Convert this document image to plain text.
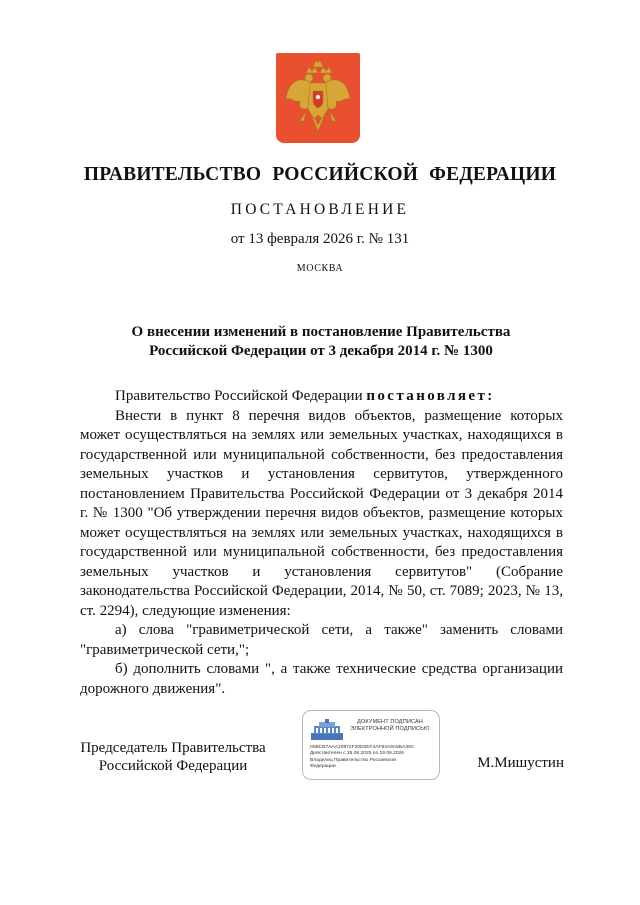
ПРАВИТЕЛЬСТВО РОССИЙСКОЙ ФЕДЕРАЦИИ
ПОСТАНОВЛЕНИЕ
от 13 февраля 2026 г. № 131
МОСКВА
О внесении изменений в постановление Правительства
Российской Федерации от 3 декабря 2014 г. № 1300

Правительство Российской Федерации постановляет:

Внести в пункт 8 перечня видов объектов, размещение которых может осуществляться на землях или земельных участках, находящихся в государственной или муниципальной собственности, без предоставления земельных участков и установления сервитутов, утвержденного постановлением Правительства Российской Федерации от 3 декабря 2014 г. № 1300 "Об утверждении перечня видов объектов, размещение которых может осуществляться на землях или земельных участках, находящихся в государственной или муниципальной собственности, без предоставления земельных участков и установления сервитутов" (Собрание законодательства Российской Федерации, 2014, № 50, ст. 7089; 2023, № 13, ст. 2294), следующие изменения:

а) слова "гравиметрической сети, а также" заменить словами "гравиметрической сети,";

б) дополнить словами ", а также технические средства организации дорожного движения".

Председатель Правительства
Российской Федерации
ДОКУМЕНТ ПОДПИСАН
ЭЛЕКТРОННОЙ ПОДПИСЬЮ
00BCB7AAA20972F20D0EF4AF84A9A5BA36C
Действителен с 26.06.2025 по 19.09.2026
Владелец Правительство Российской
Федерации	М.Мишустин
